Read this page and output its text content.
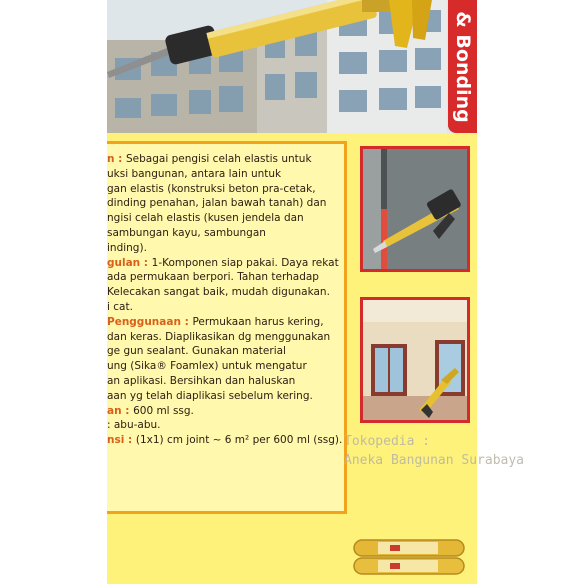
& Bonding
n : Sebagai pengisi celah elastis untuk
uksi bangunan, antara lain untuk
gan elastis (konstruksi beton pra-cetak,
dinding penahan, jalan bawah tanah) dan
ngisi celah elastis (kusen jendela dan
sambungan kayu, sambungan
inding).
gulan : 1-Komponen siap pakai. Daya rekat
ada permukaan berpori. Tahan terhadap
Kelecakan sangat baik, mudah digunakan.
i cat.
Penggunaan : Permukaan harus kering,
dan keras. Diaplikasikan dg menggunakan
ge gun sealant. Gunakan material
ung (Sika® Foamlex) untuk mengatur
an aplikasi. Bersihkan dan haluskan
aan yg telah diaplikasi sebelum kering.
an : 600 ml ssg.
: abu-abu.
nsi : (1x1) cm joint ~ 6 m² per 600 ml (ssg). Tokopedia :
Aneka Bangunan Surabaya
